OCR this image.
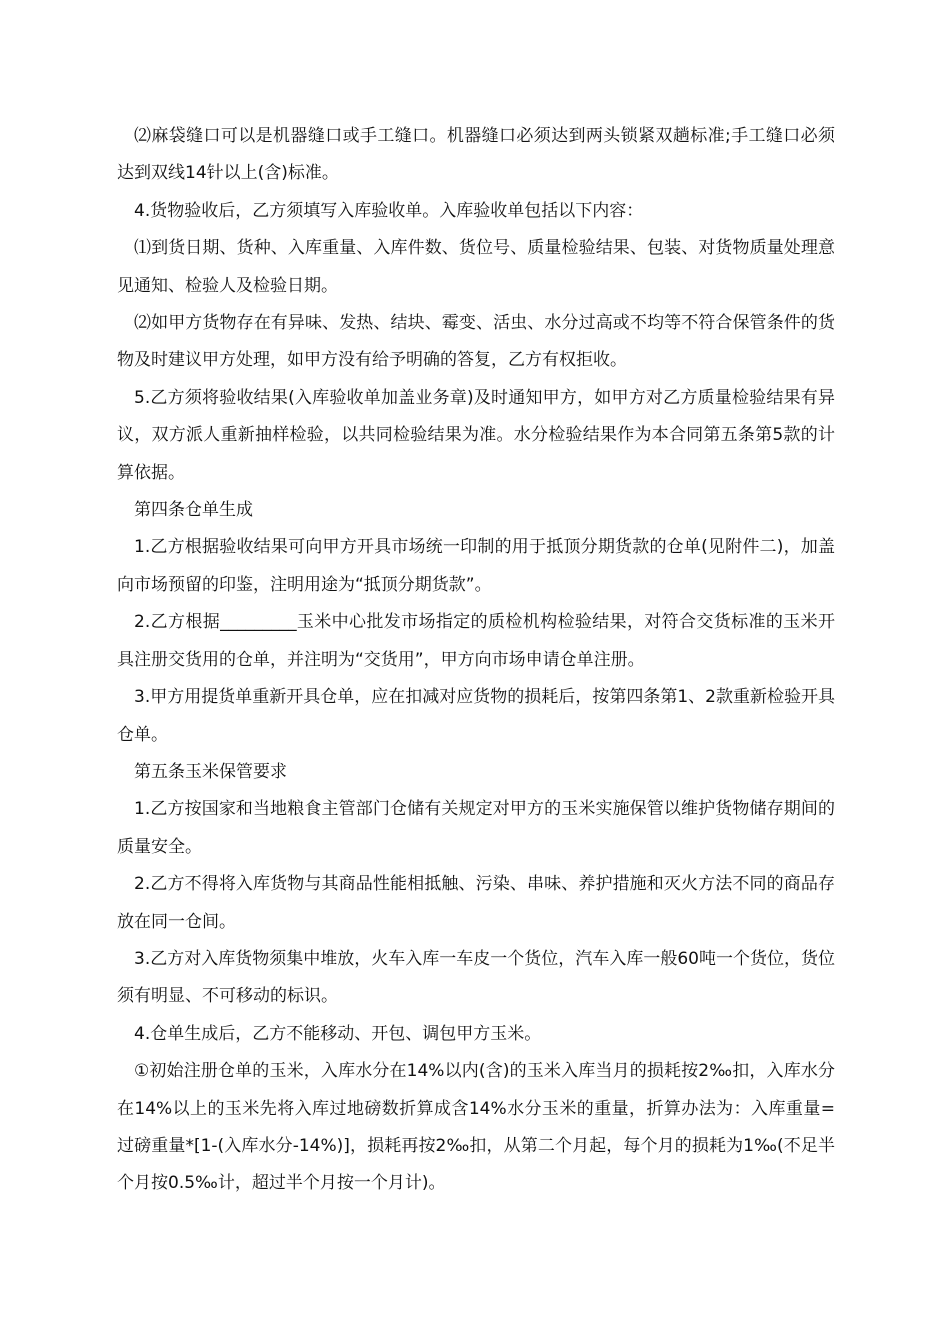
⑵麻袋缝口可以是机器缝口或手工缝口。机器缝口必须达到两头锁紧双趟标准;手工缝口必须达到双线14针以上(含)标准。

4.货物验收后，乙方须填写入库验收单。入库验收单包括以下内容：

⑴到货日期、货种、入库重量、入库件数、货位号、质量检验结果、包装、对货物质量处理意见通知、检验人及检验日期。

⑵如甲方货物存在有异味、发热、结块、霉变、活虫、水分过高或不均等不符合保管条件的货物及时建议甲方处理，如甲方没有给予明确的答复，乙方有权拒收。

5.乙方须将验收结果(入库验收单加盖业务章)及时通知甲方，如甲方对乙方质量检验结果有异议，双方派人重新抽样检验，以共同检验结果为准。水分检验结果作为本合同第五条第5款的计算依据。

第四条仓单生成

1.乙方根据验收结果可向甲方开具市场统一印制的用于抵顶分期货款的仓单(见附件二)，加盖向市场预留的印鉴，注明用途为“抵顶分期货款”。

2.乙方根据_________玉米中心批发市场指定的质检机构检验结果，对符合交货标准的玉米开具注册交货用的仓单，并注明为“交货用”，甲方向市场申请仓单注册。

3.甲方用提货单重新开具仓单，应在扣减对应货物的损耗后，按第四条第1、2款重新检验开具仓单。

第五条玉米保管要求

1.乙方按国家和当地粮食主管部门仓储有关规定对甲方的玉米实施保管以维护货物储存期间的质量安全。

2.乙方不得将入库货物与其商品性能相抵触、污染、串味、养护措施和灭火方法不同的商品存放在同一仓间。

3.乙方对入库货物须集中堆放，火车入库一车皮一个货位，汽车入库一般60吨一个货位，货位须有明显、不可移动的标识。

4.仓单生成后，乙方不能移动、开包、调包甲方玉米。

①初始注册仓单的玉米，入库水分在14%以内(含)的玉米入库当月的损耗按2‰扣，入库水分在14%以上的玉米先将入库过地磅数折算成含14%水分玉米的重量，折算办法为：入库重量=过磅重量*[1-(入库水分-14%)]，损耗再按2‰扣，从第二个月起，每个月的损耗为1‰(不足半个月按0.5‰计，超过半个月按一个月计)。
